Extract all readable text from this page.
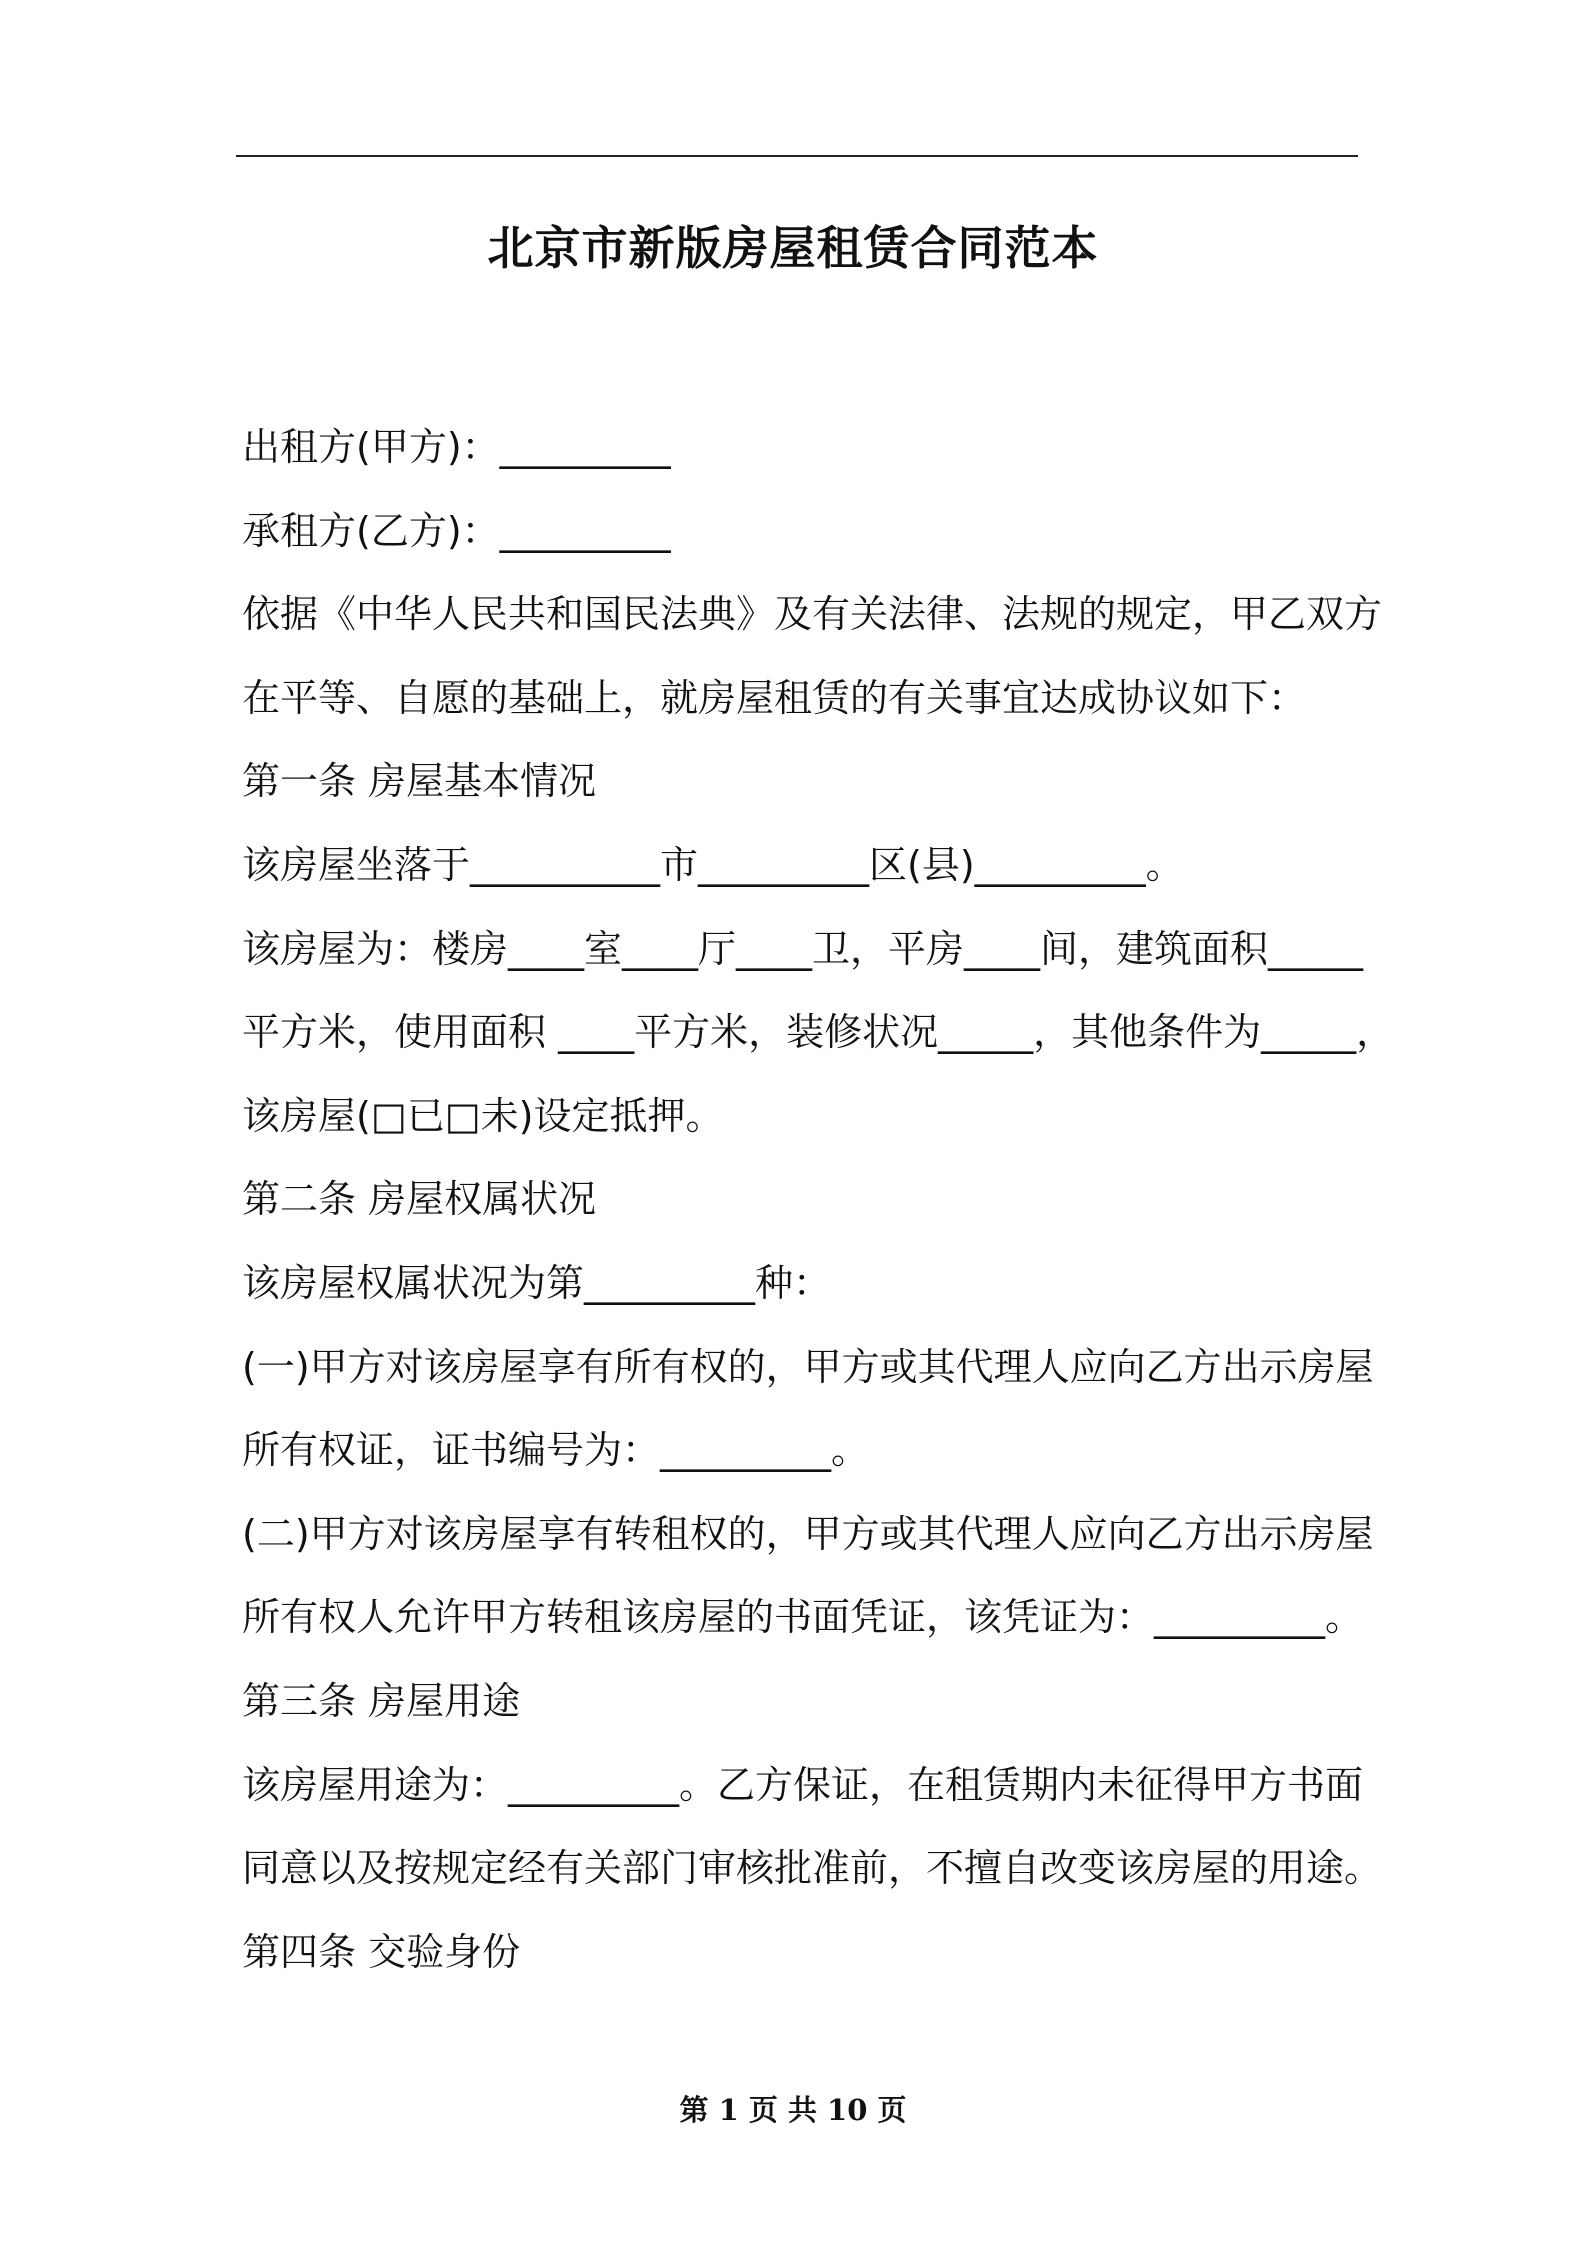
北京市新版房屋租赁合同范本
出租方(甲方)：_________
承租方(乙方)：_________
依据《中华人民共和国民法典》及有关法律、法规的规定，甲乙双方
在平等、自愿的基础上，就房屋租赁的有关事宜达成协议如下：
第一条 房屋基本情况
该房屋坐落于__________市_________区(县)_________。
该房屋为：楼房____室____厅____卫，平房____间，建筑面积_____
平方米，使用面积 ____平方米，装修状况_____，其他条件为_____，
该房屋(□已□未)设定抵押。
第二条 房屋权属状况
该房屋权属状况为第_________种：
(一)甲方对该房屋享有所有权的，甲方或其代理人应向乙方出示房屋
所有权证，证书编号为：_________。
(二)甲方对该房屋享有转租权的，甲方或其代理人应向乙方出示房屋
所有权人允许甲方转租该房屋的书面凭证，该凭证为：_________。
第三条 房屋用途
该房屋用途为：_________。乙方保证，在租赁期内未征得甲方书面
同意以及按规定经有关部门审核批准前，不擅自改变该房屋的用途。
第四条 交验身份
第 1 页 共 10 页
